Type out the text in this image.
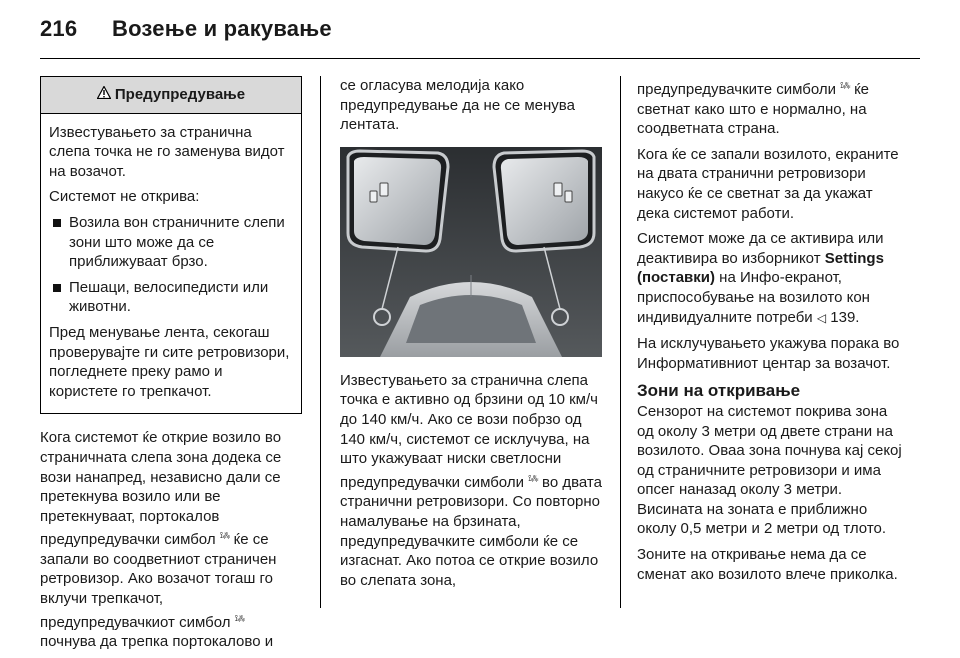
216 Возење и ракување
Предупредување

Известувањето за странична слепа точка не го заменува видот на возачот.

Системот не открива:

Возила вон страничните слепи зони што може да се приближуваат брзо.
Пешаци, велосипедисти или животни.

Пред менување лента, секогаш проверувајте ги сите ретровизори, погледнете преку рамо и користете го трепкачот.

Кога системот ќе открие возило во страничната слепа зона додека се вози нанапред, независно дали се претекнува возило или ве претекнуваат, портокалов предупредувачки симбол ⟟⁂ ќе се запали во соодветниот страничен ретровизор. Ако возачот тогаш го вклучи трепкачот, предупредувачкиот симбол ⟟⁂ почнува да трепка портокалово и

се огласува мелодија како предупредување да не се менува лентата.

Известувањето за странична слепа точка е активно од брзини од 10 км/ч до 140 км/ч. Ако се вози побрзо од 140 км/ч, системот се исклучува, на што укажуваат ниски светлосни предупредувачки симболи ⟟⁂ во двата странични ретровизори. Со повторно намалување на брзината, предупредувачките симболи ќе се изгаснат. Ако потоа се открие возило во слепата зона,

предупредувачките симболи ⟟⁂ ќе светнат како што е нормално, на соодветната страна.

Кога ќе се запали возилото, екраните на двата странични ретровизори накусо ќе се светнат за да укажат дека системот работи.

Системот може да се активира или деактивира во изборникот Settings (поставки) на Инфо-екранот, приспособување на возилото кон индивидуалните потреби ◁ 139.

На исклучувањето укажува порака во Информативниот центар за возачот.

Зони на откривање

Сензорот на системот покрива зона од околу 3 метри од двете страни на возилото. Оваа зона почнува кај секој од страничните ретровизори и има опсег наназад околу 3 метри. Висината на зоната е приближно околу 0,5 метри и 2 метри од тлото.

Зоните на откривање нема да се сменат ако возилото влече приколка.
